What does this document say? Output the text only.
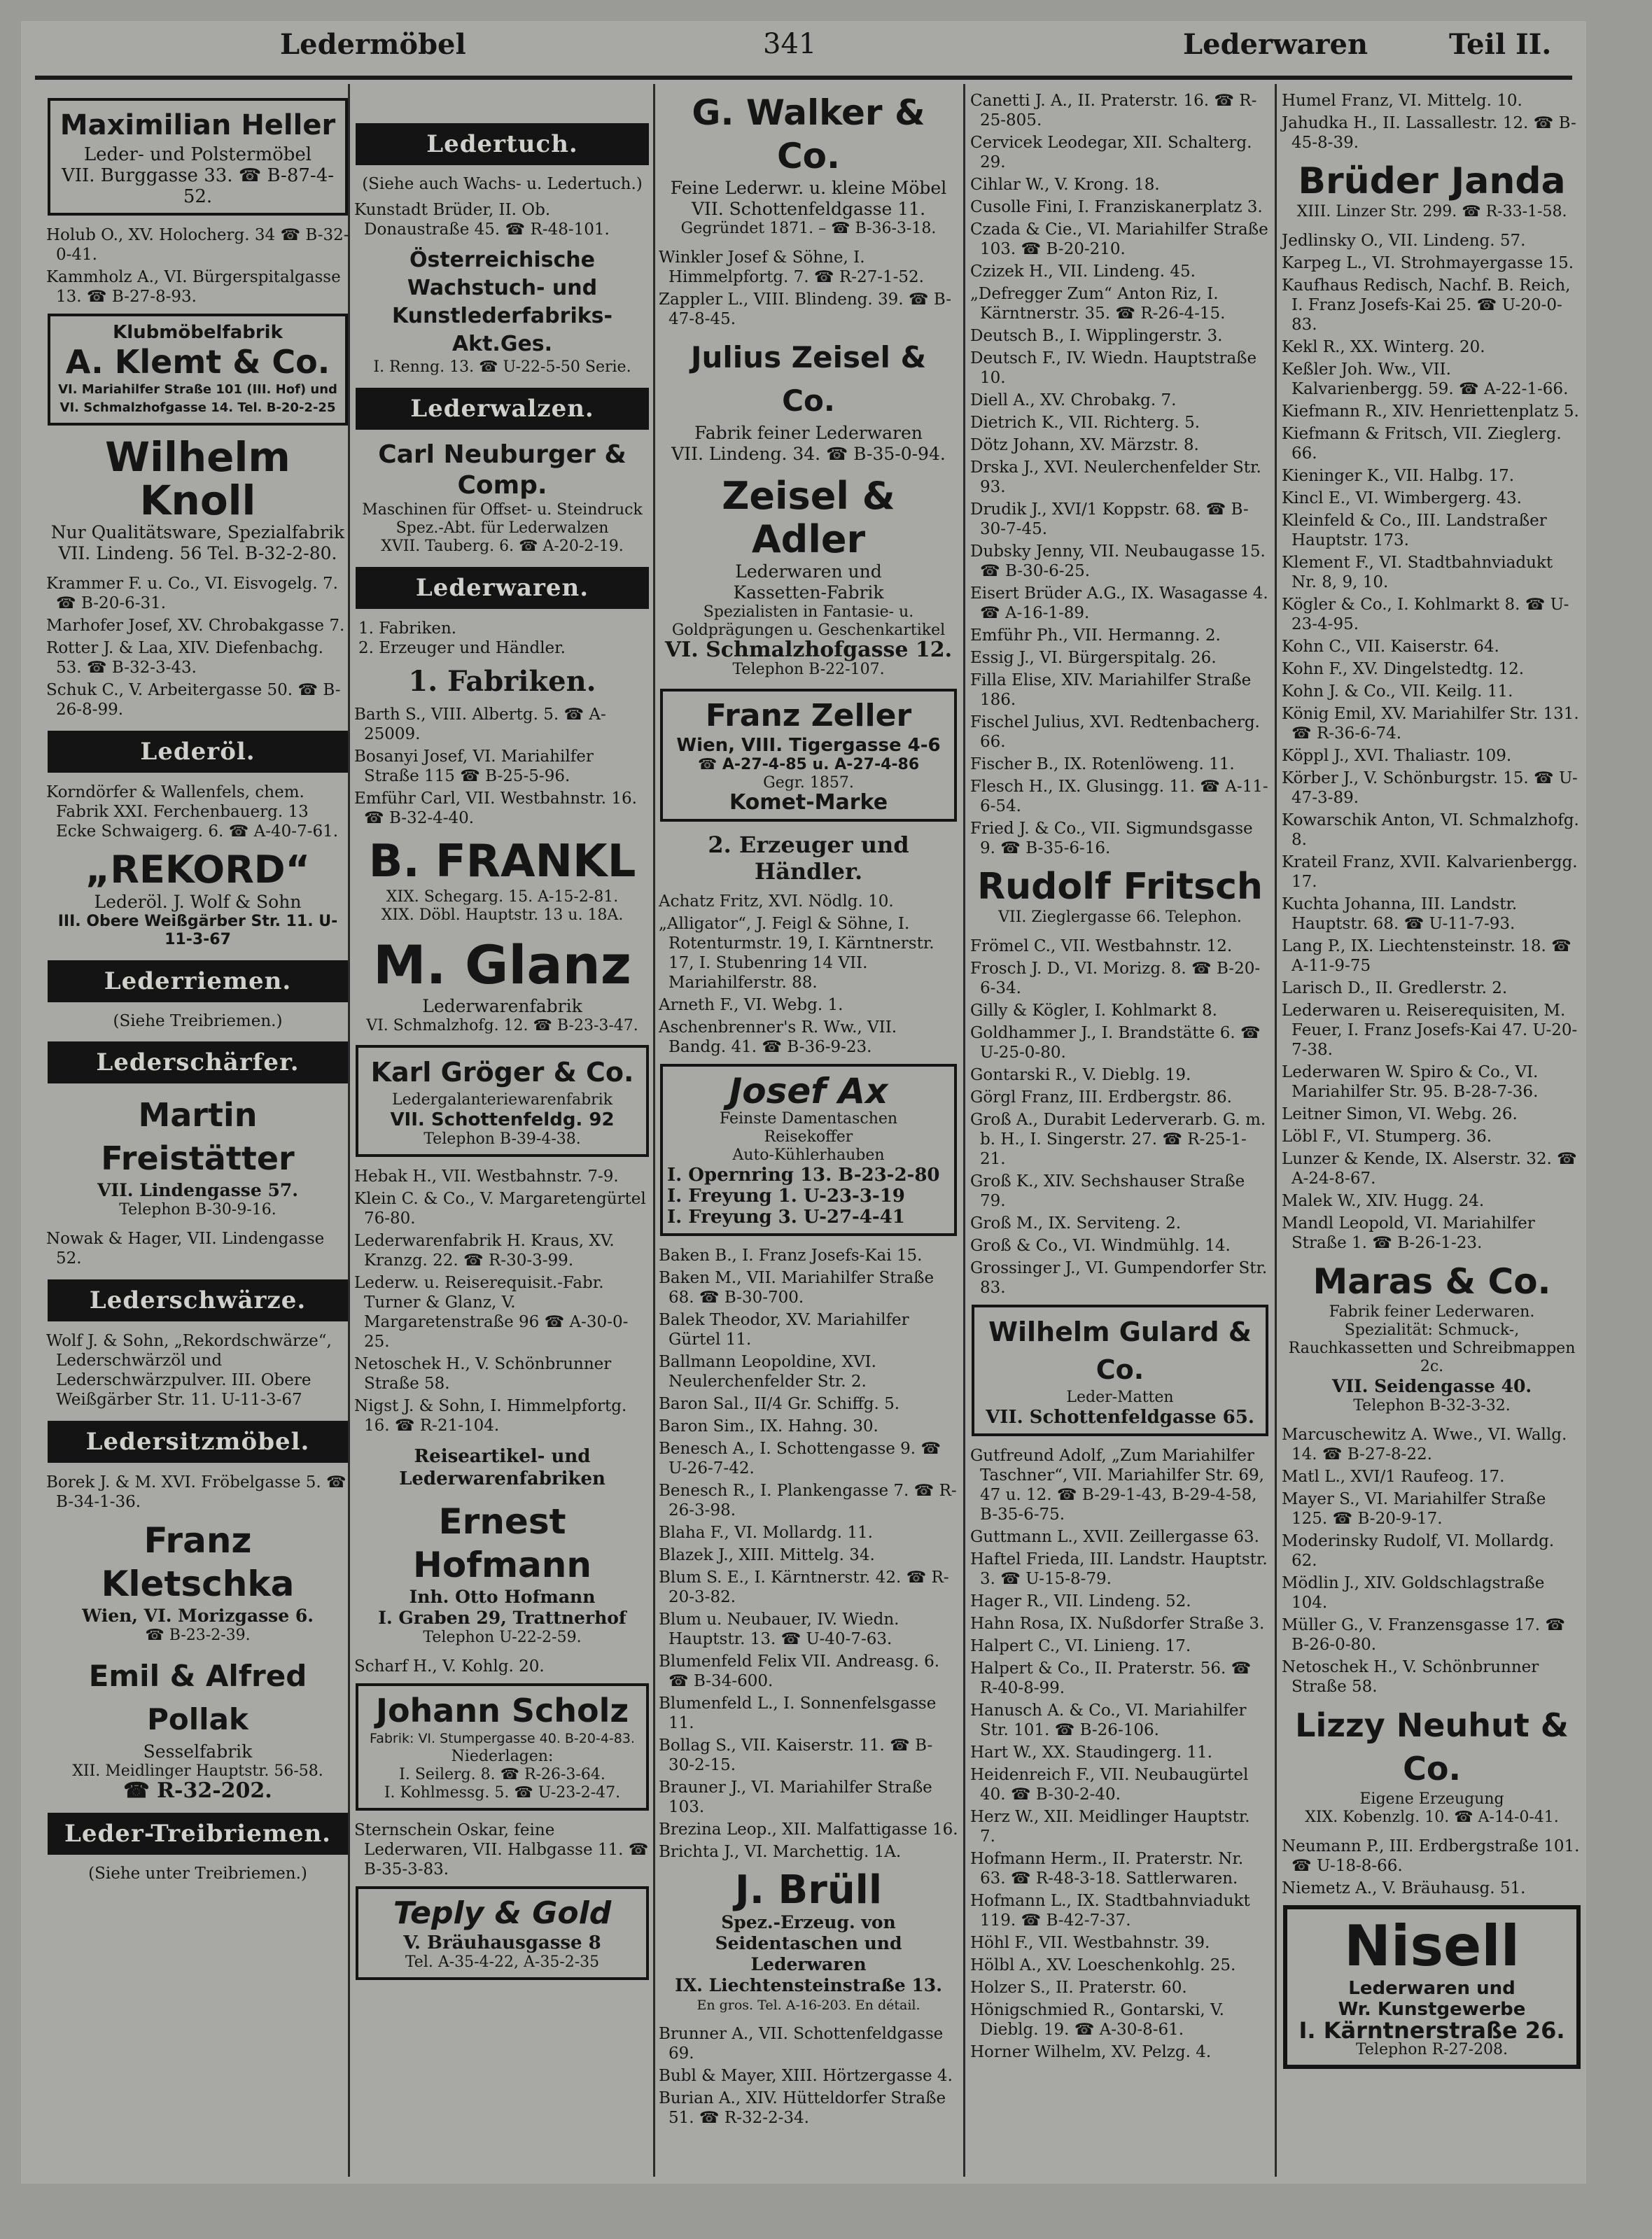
Ledermöbel	341	Lederwaren	Teil II.
Maximilian Heller
Leder- und Polstermöbel
VII. Burggasse 33. ☎ B-87-4-52.
Holub O., XV. Holocherg. 34 ☎ B-32-0-41.
Kammholz A., VI. Bürgerspitalgasse 13. ☎ B-27-8-93.
Klubmöbelfabrik
A. Klemt & Co.
VI. Mariahilfer Straße 101 (III. Hof) und
VI. Schmalzhofgasse 14. Tel. B-20-2-25
Wilhelm Knoll
Nur Qualitätsware, Spezialfabrik
VII. Lindeng. 56 Tel. B-32-2-80.
Krammer F. u. Co., VI. Eisvogelg. 7. ☎ B-20-6-31.
Marhofer Josef, XV. Chrobakgasse 7.
Rotter J. & Laa, XIV. Diefenbachg. 53. ☎ B-32-3-43.
Schuk C., V. Arbeitergasse 50. ☎ B-26-8-99.
Lederöl.
Korndörfer & Wallenfels, chem. Fabrik XXI. Ferchenbauerg. 13 Ecke Schwaigerg. 6. ☎ A-40-7-61.
„REKORD“
Lederöl. J. Wolf & Sohn
III. Obere Weißgärber Str. 11. U-11-3-67
Lederriemen.
(Siehe Treibriemen.)
Lederschärfer.
Martin Freistätter
VII. Lindengasse 57.
Telephon B-30-9-16.
Nowak & Hager, VII. Lindengasse 52.
Lederschwärze.
Wolf J. & Sohn, „Rekordschwärze“, Lederschwärzöl und Lederschwärzpulver. III. Obere Weißgärber Str. 11. U-11-3-67
Ledersitzmöbel.
Borek J. & M. XVI. Fröbelgasse 5. ☎ B-34-1-36.
Franz Kletschka
Wien, VI. Morizgasse 6.
☎ B-23-2-39.
Emil & Alfred Pollak
Sesselfabrik
XII. Meidlinger Hauptstr. 56-58.
☎ R-32-202.
Leder-Treibriemen.
(Siehe unter Treibriemen.)
Ledertuch.
(Siehe auch Wachs- u. Ledertuch.)
Kunstadt Brüder, II. Ob. Donaustraße 45. ☎ R-48-101.
Österreichische Wachstuch- und Kunstlederfabriks-Akt.Ges.
I. Renng. 13. ☎ U-22-5-50 Serie.
Lederwalzen.
Carl Neuburger & Comp.
Maschinen für Offset- u. Steindruck
Spez.-Abt. für Lederwalzen
XVII. Tauberg. 6. ☎ A-20-2-19.
Lederwaren.
1. Fabriken.
2. Erzeuger und Händler.
1. Fabriken.
Barth S., VIII. Albertg. 5. ☎ A-25009.
Bosanyi Josef, VI. Mariahilfer Straße 115 ☎ B-25-5-96.
Emführ Carl, VII. Westbahnstr. 16. ☎ B-32-4-40.
B. FRANKL
XIX. Schegarg. 15. A-15-2-81.
XIX. Döbl. Hauptstr. 13 u. 18A.
M. Glanz
Lederwarenfabrik
VI. Schmalzhofg. 12. ☎ B-23-3-47.
Karl Gröger & Co.
Ledergalanteriewarenfabrik
VII. Schottenfeldg. 92
Telephon B-39-4-38.
Hebak H., VII. Westbahnstr. 7-9.
Klein C. & Co., V. Margaretengürtel 76-80.
Lederwarenfabrik H. Kraus, XV. Kranzg. 22. ☎ R-30-3-99.
Lederw. u. Reiserequisit.-Fabr. Turner & Glanz, V. Margaretenstraße 96 ☎ A-30-0-25.
Netoschek H., V. Schönbrunner Straße 58.
Nigst J. & Sohn, I. Himmelpfortg. 16. ☎ R-21-104.
Reiseartikel- und Lederwarenfabriken
Ernest Hofmann
Inh. Otto Hofmann
I. Graben 29, Trattnerhof
Telephon U-22-2-59.
Scharf H., V. Kohlg. 20.
Johann Scholz
Fabrik: VI. Stumpergasse 40. B-20-4-83.
Niederlagen:
I. Seilerg. 8. ☎ R-26-3-64.
I. Kohlmessg. 5. ☎ U-23-2-47.
Sternschein Oskar, feine Lederwaren, VII. Halbgasse 11. ☎ B-35-3-83.
Teply & Gold
V. Bräuhausgasse 8
Tel. A-35-4-22, A-35-2-35
G. Walker & Co.
Feine Lederwr. u. kleine Möbel
VII. Schottenfeldgasse 11.
Gegründet 1871. – ☎ B-36-3-18.
Winkler Josef & Söhne, I. Himmelpfortg. 7. ☎ R-27-1-52.
Zappler L., VIII. Blindeng. 39. ☎ B-47-8-45.
Julius Zeisel & Co.
Fabrik feiner Lederwaren
VII. Lindeng. 34. ☎ B-35-0-94.
Zeisel & Adler
Lederwaren und
Kassetten-Fabrik
Spezialisten in Fantasie- u. Goldprägungen u. Geschenkartikel
VI. Schmalzhofgasse 12.
Telephon B-22-107.
Franz Zeller
Wien, VIII. Tigergasse 4-6
☎ A-27-4-85 u. A-27-4-86
Gegr. 1857.
Komet-Marke
2. Erzeuger und Händler.
Achatz Fritz, XVI. Nödlg. 10.
„Alligator“, J. Feigl & Söhne, I. Rotenturmstr. 19, I. Kärntnerstr. 17, I. Stubenring 14 VII. Mariahilferstr. 88.
Arneth F., VI. Webg. 1.
Aschenbrenner's R. Ww., VII. Bandg. 41. ☎ B-36-9-23.
Josef Ax
Feinste Damentaschen
Reisekoffer
Auto-Kühlerhauben
I. Opernring 13. B-23-2-80
I. Freyung 1. U-23-3-19
I. Freyung 3. U-27-4-41
Baken B., I. Franz Josefs-Kai 15.
Baken M., VII. Mariahilfer Straße 68. ☎ B-30-700.
Balek Theodor, XV. Mariahilfer Gürtel 11.
Ballmann Leopoldine, XVI. Neulerchenfelder Str. 2.
Baron Sal., II/4 Gr. Schiffg. 5.
Baron Sim., IX. Hahng. 30.
Benesch A., I. Schottengasse 9. ☎ U-26-7-42.
Benesch R., I. Plankengasse 7. ☎ R-26-3-98.
Blaha F., VI. Mollardg. 11.
Blazek J., XIII. Mittelg. 34.
Blum S. E., I. Kärntnerstr. 42. ☎ R-20-3-82.
Blum u. Neubauer, IV. Wiedn. Hauptstr. 13. ☎ U-40-7-63.
Blumenfeld Felix VII. Andreasg. 6. ☎ B-34-600.
Blumenfeld L., I. Sonnenfelsgasse 11.
Bollag S., VII. Kaiserstr. 11. ☎ B-30-2-15.
Brauner J., VI. Mariahilfer Straße 103.
Brezina Leop., XII. Malfattigasse 16.
Brichta J., VI. Marchettig. 1A.
J. Brüll
Spez.-Erzeug. von Seidentaschen und Lederwaren
IX. Liechtensteinstraße 13.
En gros. Tel. A-16-203. En détail.
Brunner A., VII. Schottenfeldgasse 69.
Bubl & Mayer, XIII. Hörtzergasse 4.
Burian A., XIV. Hütteldorfer Straße 51. ☎ R-32-2-34.
Canetti J. A., II. Praterstr. 16. ☎ R-25-805.
Cervicek Leodegar, XII. Schalterg. 29.
Cihlar W., V. Krong. 18.
Cusolle Fini, I. Franziskanerplatz 3.
Czada & Cie., VI. Mariahilfer Straße 103. ☎ B-20-210.
Czizek H., VII. Lindeng. 45.
„Defregger Zum“ Anton Riz, I. Kärntnerstr. 35. ☎ R-26-4-15.
Deutsch B., I. Wipplingerstr. 3.
Deutsch F., IV. Wiedn. Hauptstraße 10.
Diell A., XV. Chrobakg. 7.
Dietrich K., VII. Richterg. 5.
Dötz Johann, XV. Märzstr. 8.
Drska J., XVI. Neulerchenfelder Str. 93.
Drudik J., XVI/1 Koppstr. 68. ☎ B-30-7-45.
Dubsky Jenny, VII. Neubaugasse 15. ☎ B-30-6-25.
Eisert Brüder A.G., IX. Wasagasse 4. ☎ A-16-1-89.
Emführ Ph., VII. Hermanng. 2.
Essig J., VI. Bürgerspitalg. 26.
Filla Elise, XIV. Mariahilfer Straße 186.
Fischel Julius, XVI. Redtenbacherg. 66.
Fischer B., IX. Rotenlöweng. 11.
Flesch H., IX. Glusingg. 11. ☎ A-11-6-54.
Fried J. & Co., VII. Sigmundsgasse 9. ☎ B-35-6-16.
Rudolf Fritsch
VII. Zieglergasse 66. Telephon.
Frömel C., VII. Westbahnstr. 12.
Frosch J. D., VI. Morizg. 8. ☎ B-20-6-34.
Gilly & Kögler, I. Kohlmarkt 8.
Goldhammer J., I. Brandstätte 6. ☎ U-25-0-80.
Gontarski R., V. Dieblg. 19.
Görgl Franz, III. Erdbergstr. 86.
Groß A., Durabit Lederverarb. G. m. b. H., I. Singerstr. 27. ☎ R-25-1-21.
Groß K., XIV. Sechshauser Straße 79.
Groß M., IX. Serviteng. 2.
Groß & Co., VI. Windmühlg. 14.
Grossinger J., VI. Gumpendorfer Str. 83.
Wilhelm Gulard & Co.
Leder-Matten
VII. Schottenfeldgasse 65.
Gutfreund Adolf, „Zum Mariahilfer Taschner“, VII. Mariahilfer Str. 69, 47 u. 12. ☎ B-29-1-43, B-29-4-58, B-35-6-75.
Guttmann L., XVII. Zeillergasse 63.
Haftel Frieda, III. Landstr. Hauptstr. 3. ☎ U-15-8-79.
Hager R., VII. Lindeng. 52.
Hahn Rosa, IX. Nußdorfer Straße 3.
Halpert C., VI. Linieng. 17.
Halpert & Co., II. Praterstr. 56. ☎ R-40-8-99.
Hanusch A. & Co., VI. Mariahilfer Str. 101. ☎ B-26-106.
Hart W., XX. Staudingerg. 11.
Heidenreich F., VII. Neubaugürtel 40. ☎ B-30-2-40.
Herz W., XII. Meidlinger Hauptstr. 7.
Hofmann Herm., II. Praterstr. Nr. 63. ☎ R-48-3-18. Sattlerwaren.
Hofmann L., IX. Stadtbahnviadukt 119. ☎ B-42-7-37.
Höhl F., VII. Westbahnstr. 39.
Hölbl A., XV. Loeschenkohlg. 25.
Holzer S., II. Praterstr. 60.
Hönigschmied R., Gontarski, V. Dieblg. 19. ☎ A-30-8-61.
Horner Wilhelm, XV. Pelzg. 4.
Humel Franz, VI. Mittelg. 10.
Jahudka H., II. Lassallestr. 12. ☎ B-45-8-39.
Brüder Janda
XIII. Linzer Str. 299. ☎ R-33-1-58.
Jedlinsky O., VII. Lindeng. 57.
Karpeg L., VI. Strohmayergasse 15.
Kaufhaus Redisch, Nachf. B. Reich, I. Franz Josefs-Kai 25. ☎ U-20-0-83.
Kekl R., XX. Winterg. 20.
Keßler Joh. Ww., VII. Kalvarienbergg. 59. ☎ A-22-1-66.
Kiefmann R., XIV. Henriettenplatz 5.
Kiefmann & Fritsch, VII. Zieglerg. 66.
Kieninger K., VII. Halbg. 17.
Kincl E., VI. Wimbergerg. 43.
Kleinfeld & Co., III. Landstraßer Hauptstr. 173.
Klement F., VI. Stadtbahnviadukt Nr. 8, 9, 10.
Kögler & Co., I. Kohlmarkt 8. ☎ U-23-4-95.
Kohn C., VII. Kaiserstr. 64.
Kohn F., XV. Dingelstedtg. 12.
Kohn J. & Co., VII. Keilg. 11.
König Emil, XV. Mariahilfer Str. 131. ☎ R-36-6-74.
Köppl J., XVI. Thaliastr. 109.
Körber J., V. Schönburgstr. 15. ☎ U-47-3-89.
Kowarschik Anton, VI. Schmalzhofg. 8.
Krateil Franz, XVII. Kalvarienbergg. 17.
Kuchta Johanna, III. Landstr. Hauptstr. 68. ☎ U-11-7-93.
Lang P., IX. Liechtensteinstr. 18. ☎ A-11-9-75
Larisch D., II. Gredlerstr. 2.
Lederwaren u. Reiserequisiten, M. Feuer, I. Franz Josefs-Kai 47. U-20-7-38.
Lederwaren W. Spiro & Co., VI. Mariahilfer Str. 95. B-28-7-36.
Leitner Simon, VI. Webg. 26.
Löbl F., VI. Stumperg. 36.
Lunzer & Kende, IX. Alserstr. 32. ☎ A-24-8-67.
Malek W., XIV. Hugg. 24.
Mandl Leopold, VI. Mariahilfer Straße 1. ☎ B-26-1-23.
Maras & Co.
Fabrik feiner Lederwaren. Spezialität: Schmuck-, Rauchkassetten und Schreibmappen 2c.
VII. Seidengasse 40.
Telephon B-32-3-32.
Marcuschewitz A. Wwe., VI. Wallg. 14. ☎ B-27-8-22.
Matl L., XVI/1 Raufeog. 17.
Mayer S., VI. Mariahilfer Straße 125. ☎ B-20-9-17.
Moderinsky Rudolf, VI. Mollardg. 62.
Mödlin J., XIV. Goldschlagstraße 104.
Müller G., V. Franzensgasse 17. ☎ B-26-0-80.
Netoschek H., V. Schönbrunner Straße 58.
Lizzy Neuhut & Co.
Eigene Erzeugung
XIX. Kobenzlg. 10. ☎ A-14-0-41.
Neumann P., III. Erdbergstraße 101. ☎ U-18-8-66.
Niemetz A., V. Bräuhausg. 51.
Nisell
Lederwaren und
Wr. Kunstgewerbe
I. Kärntnerstraße 26.
Telephon R-27-208.
